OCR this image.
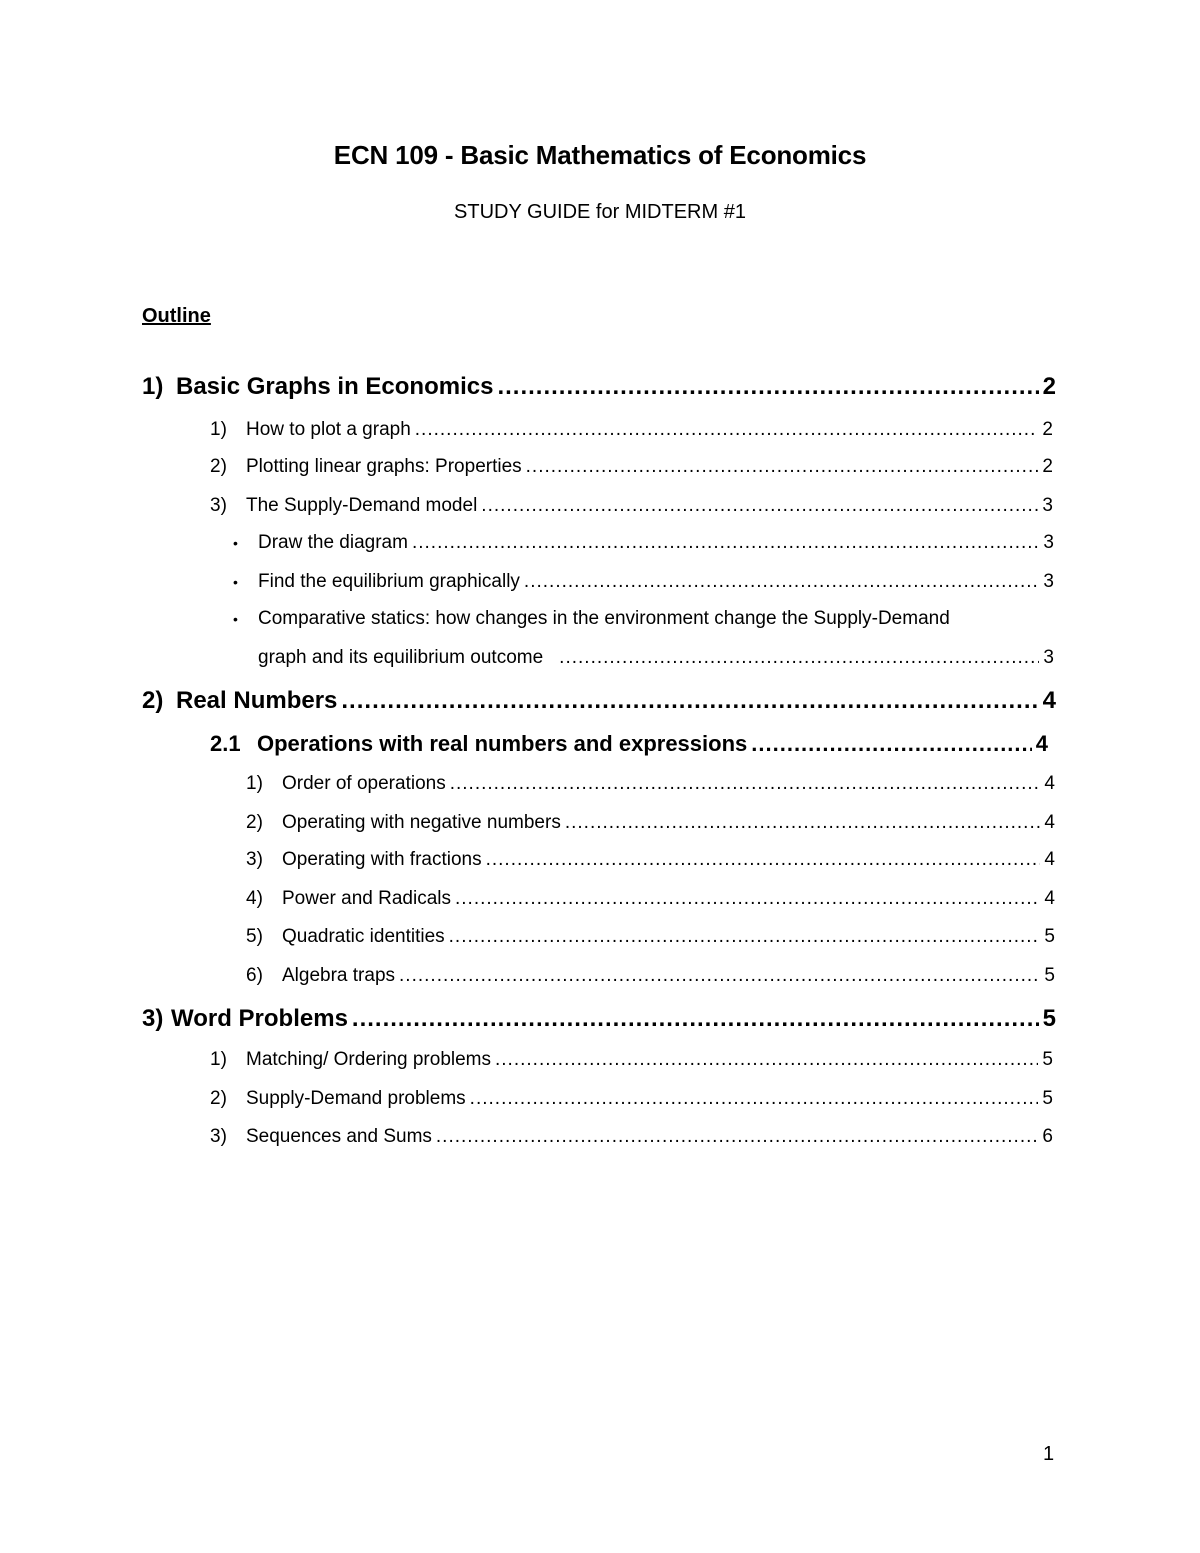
ECN 109 - Basic Mathematics of Economics
STUDY GUIDE for MIDTERM #1
Outline
1) Basic Graphs in Economics .....	2
1)	How to plot a graph .....	2
2)	Plotting linear graphs: Properties .....	2
3)	The Supply-Demand model .....	3
•	Draw the diagram .....	3
•	Find the equilibrium graphically .....	3
•	Comparative statics: how changes in the environment change the Supply-Demand
graph and its equilibrium outcome .....	3
2) Real Numbers .....	4
2.1 Operations with real numbers and expressions .....	4
1)	Order of operations .....	4
2)	Operating with negative numbers .....	4
3)	Operating with fractions .....	4
4)	Power and Radicals .....	4
5)	Quadratic identities .....	5
6)	Algebra traps .....	5
3) Word Problems .....	5
1)	Matching/ Ordering problems .....	5
2)	Supply-Demand problems .....	5
3)	Sequences and Sums .....	6
1
